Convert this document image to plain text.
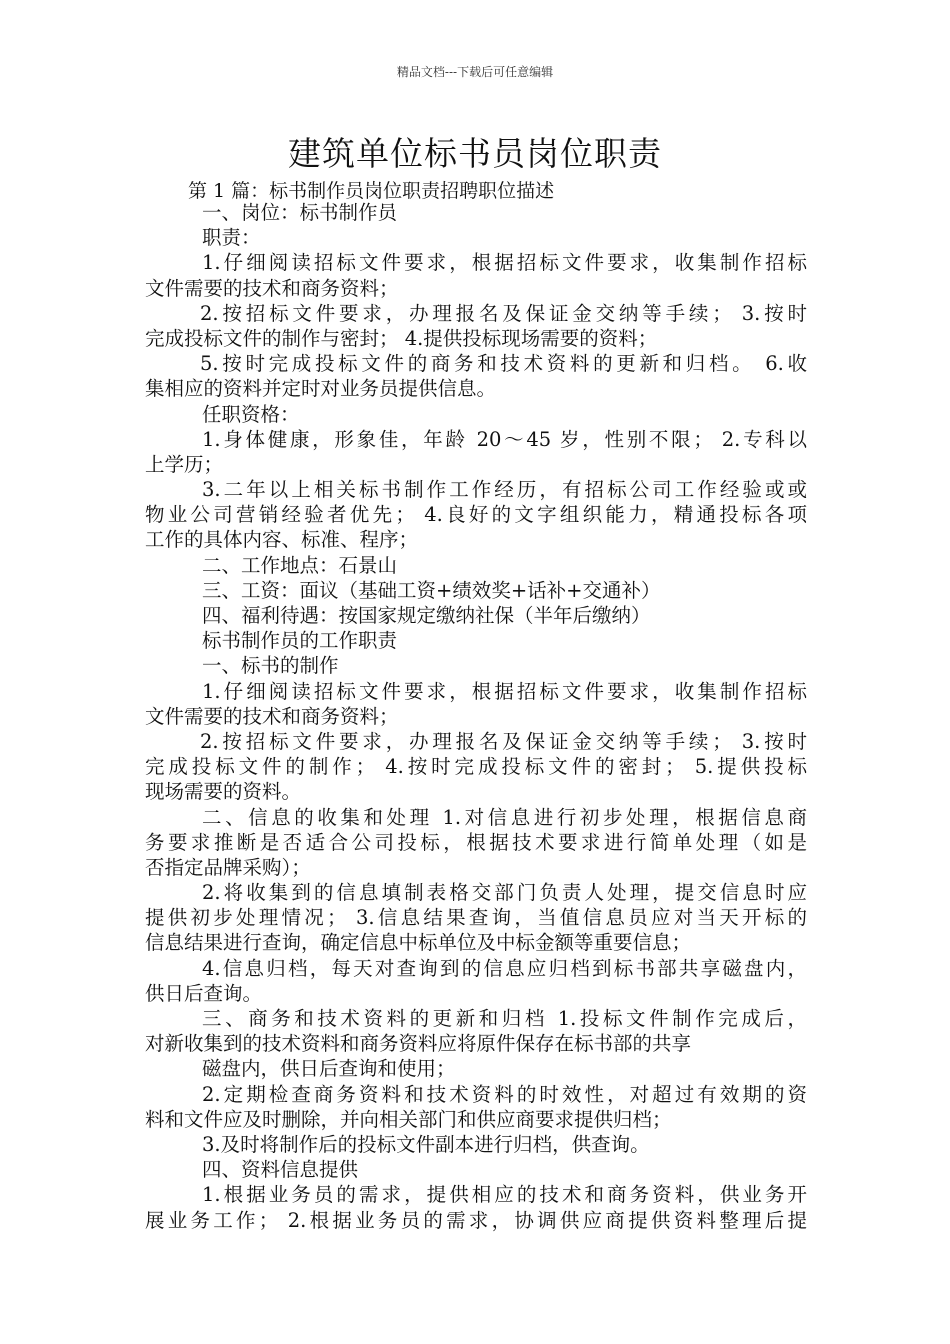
精品文档---下载后可任意编辑
建筑单位标书员岗位职责
第 1 篇：标书制作员岗位职责招聘职位描述
一、岗位：标书制作员
职责：
1.仔细阅读招标文件要求，根据招标文件要求，收集制作招标
文件需要的技术和商务资料；
2.按招标文件要求，办理报名及保证金交纳等手续； 3.按时
完成投标文件的制作与密封； 4.提供投标现场需要的资料；
5.按时完成投标文件的商务和技术资料的更新和归档。 6.收
集相应的资料并定时对业务员提供信息。
任职资格：
1.身体健康，形象佳，年龄 20～45 岁，性别不限； 2.专科以
上学历；
3.二年以上相关标书制作工作经历，有招标公司工作经验或或
物业公司营销经验者优先； 4.良好的文字组织能力，精通投标各项
工作的具体内容、标准、程序；
二、工作地点：石景山
三、工资：面议（基础工资+绩效奖+话补+交通补）
四、福利待遇：按国家规定缴纳社保（半年后缴纳）
标书制作员的工作职责
一、标书的制作
1.仔细阅读招标文件要求，根据招标文件要求，收集制作招标
文件需要的技术和商务资料；
2.按招标文件要求，办理报名及保证金交纳等手续； 3.按时
完成投标文件的制作； 4.按时完成投标文件的密封； 5.提供投标
现场需要的资料。
二、信息的收集和处理 1.对信息进行初步处理，根据信息商
务要求推断是否适合公司投标，根据技术要求进行简单处理（如是
否指定品牌采购）；
2.将收集到的信息填制表格交部门负责人处理，提交信息时应
提供初步处理情况； 3.信息结果查询，当值信息员应对当天开标的
信息结果进行查询，确定信息中标单位及中标金额等重要信息；
4.信息归档，每天对查询到的信息应归档到标书部共享磁盘内，
供日后查询。
三、商务和技术资料的更新和归档 1.投标文件制作完成后，
对新收集到的技术资料和商务资料应将原件保存在标书部的共享
磁盘内，供日后查询和使用；
2.定期检查商务资料和技术资料的时效性，对超过有效期的资
料和文件应及时删除，并向相关部门和供应商要求提供归档；
3.及时将制作后的投标文件副本进行归档，供查询。
四、资料信息提供
1.根据业务员的需求，提供相应的技术和商务资料，供业务开
展业务工作； 2.根据业务员的需求，协调供应商提供资料整理后提
